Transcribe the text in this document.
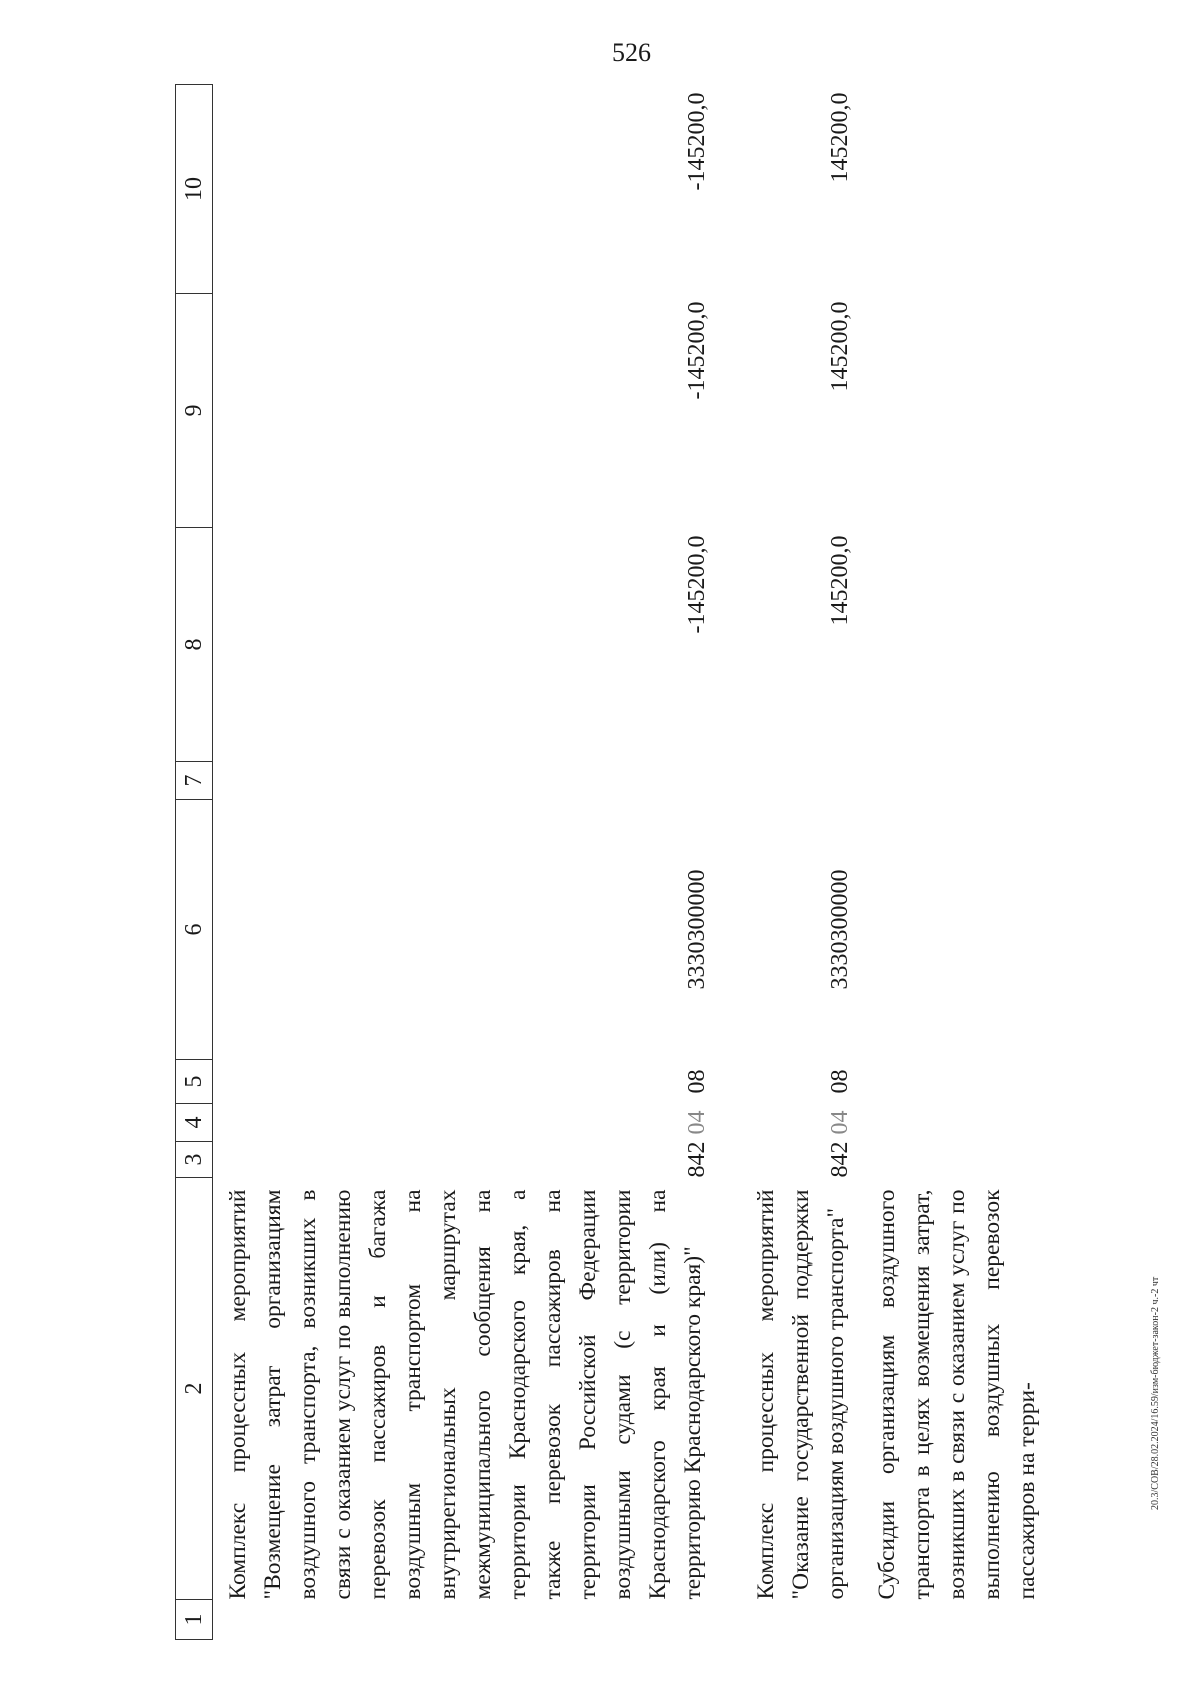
526
20.3/СОВ/28.02.2024/16.59/изм-бюджет-закон-2 ч.-2 чт
1	2	3	4	5	6	7	8	9	10
	Комплекс процессных мероприятий "Возмещение затрат организациям воздушного транспорта, возникших в связи с оказанием услуг по выполнению перевозок пассажиров и багажа воздушным транспортом на внутрирегиональных маршрутах межмуниципального сообщения на территории Краснодарского края, а также перевозок пассажиров на территории Российской Федерации воздушными судами (с территории Краснодарского края и (или) на территорию Краснодарского края)"	842	04	08	3330300000		-145200,0	-145200,0	-145200,0

	Комплекс процессных мероприятий "Оказание государственной поддержки организациям воздушного транспорта"	842	04	08	3330300000		145200,0	145200,0	145200,0
	Субсидии организациям воздушного транспорта в целях возмещения затрат, возникших в связи с оказанием услуг по выполнению воздушных перевозок пассажиров на терри-								
